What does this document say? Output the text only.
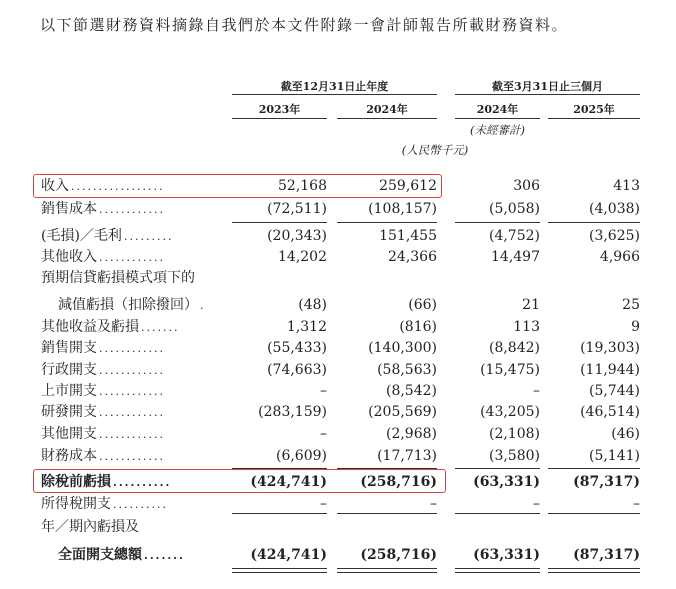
以下節選財務資料摘錄自我們於本文件附錄一會計師報告所載財務資料。
截至12月31日止年度	截至3月31日止三個月
2023年	2024年	2024年	2025年
(未經審計)
(人民幣千元)
收入 .................	52,168	259,612	306	413
銷售成本 ............	(72,511)	(108,157)	(5,058)	(4,038)
(毛損)／毛利 .........	(20,343)	151,455	(4,752)	(3,625)
其他收入 ............	14,202	24,366	14,497	4,966
預期信貸虧損模式項下的
減值虧損（扣除撥回） .	(48)	(66)	21	25
其他收益及虧損 .......	1,312	(816)	113	9
銷售開支 ............	(55,433)	(140,300)	(8,842)	(19,303)
行政開支 ............	(74,663)	(58,563)	(15,475)	(11,944)
上市開支 ............	–	(8,542)	–	(5,744)
研發開支 ............	(283,159)	(205,569)	(43,205)	(46,514)
其他開支 ............	–	(2,968)	(2,108)	(46)
財務成本 ............	(6,609)	(17,713)	(3,580)	(5,141)
除稅前虧損 ..........	(424,741) (258,716)	(63,331) (87,317)
所得稅開支 ..........	–	–	–	–
年／期內虧損及
全面開支總額 .......	(424,741) (258,716)	(63,331) (87,317)
